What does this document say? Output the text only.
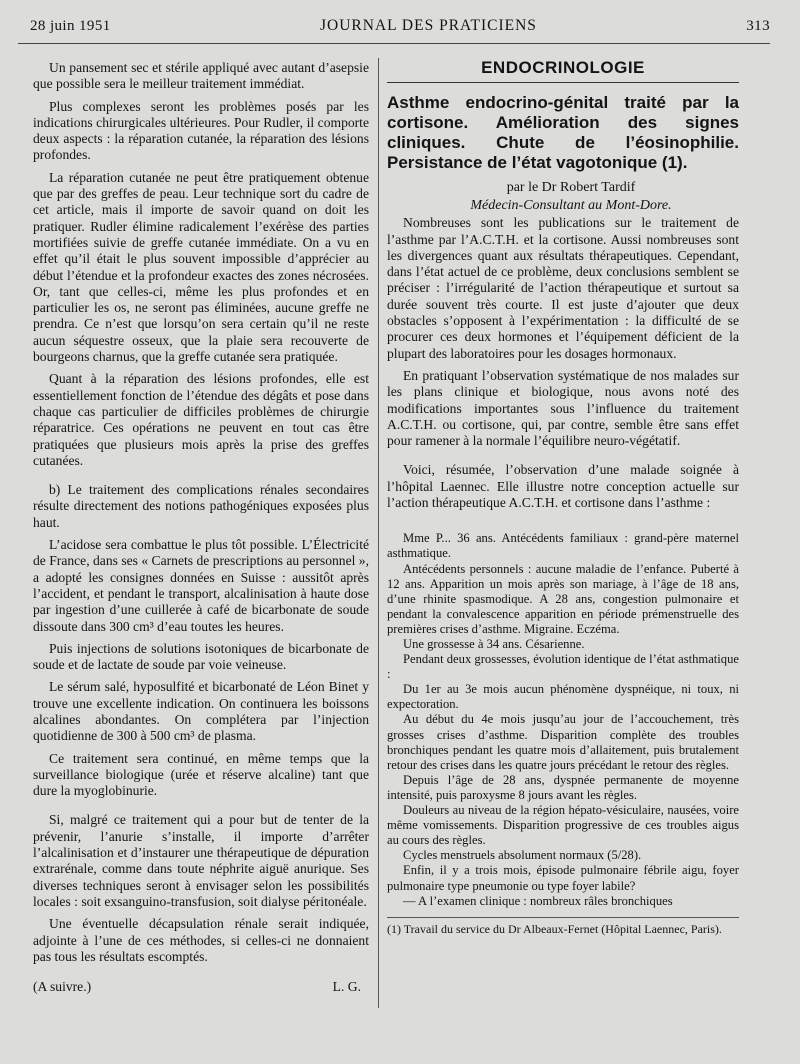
28 juin 1951	JOURNAL DES PRATICIENS	313

Un pansement sec et stérile appliqué avec autant d’asepsie que possible sera le meilleur traitement immédiat.

Plus complexes seront les problèmes posés par les indications chirurgicales ultérieures. Pour Rudler, il comporte deux aspects : la réparation cutanée, la réparation des lésions profondes.

La réparation cutanée ne peut être pratiquement obtenue que par des greffes de peau. Leur technique sort du cadre de cet article, mais il importe de savoir quand on doit les pratiquer. Rudler élimine radicalement l’exérèse des parties mortifiées suivie de greffe cutanée immédiate. On a vu en effet qu’il était le plus souvent impossible d’apprécier au début l’étendue et la profondeur exactes des zones nécrosées. Or, tant que celles-ci, même les plus profondes et en particulier les os, ne seront pas éliminées, aucune greffe ne prendra. Ce n’est que lorsqu’on sera certain qu’il ne reste aucun séquestre osseux, que la plaie sera recouverte de bourgeons charnus, que la greffe cutanée sera pratiquée.

Quant à la réparation des lésions profondes, elle est essentiellement fonction de l’étendue des dégâts et pose dans chaque cas particulier de difficiles problèmes de chirurgie réparatrice. Ces opérations ne peuvent en tout cas être pratiquées que plusieurs mois après la prise des greffes cutanées.

b) Le traitement des complications rénales secondaires résulte directement des notions pathogéniques exposées plus haut.

L’acidose sera combattue le plus tôt possible. L’Électricité de France, dans ses « Carnets de prescriptions au personnel », a adopté les consignes données en Suisse : aussitôt après l’accident, et pendant le transport, alcalinisation à haute dose par ingestion d’une cuillerée à café de bicarbonate de soude dissoute dans 300 cm³ d’eau toutes les heures.

Puis injections de solutions isotoniques de bicarbonate de soude et de lactate de soude par voie veineuse.

Le sérum salé, hyposulfité et bicarbonaté de Léon Binet y trouve une excellente indication. On continuera les boissons alcalines abondantes. On complétera par l’injection quotidienne de 300 à 500 cm³ de plasma.

Ce traitement sera continué, en même temps que la surveillance biologique (urée et réserve alcaline) tant que dure la myoglobinurie.

Si, malgré ce traitement qui a pour but de tenter de la prévenir, l’anurie s’installe, il importe d’arrêter l’alcalinisation et d’instaurer une thérapeutique de dépuration extrarénale, comme dans toute néphrite aiguë anurique. Ses diverses techniques seront à envisager selon les possibilités locales : soit exsanguino-transfusion, soit dialyse péritonéale.

Une éventuelle décapsulation rénale serait indiquée, adjointe à l’une de ces méthodes, si celles-ci ne donnaient pas tous les résultats escomptés.

(A suivre.)	L. G.
ENDOCRINOLOGIE
Asthme endocrino-génital traité par la cortisone. Amélioration des signes cliniques. Chute de l’éosinophilie. Persistance de l’état vagotonique (1).

par le Dr Robert Tardif

Médecin-Consultant au Mont-Dore.

Nombreuses sont les publications sur le traitement de l’asthme par l’A.C.T.H. et la cortisone. Aussi nombreuses sont les divergences quant aux résultats thérapeutiques. Cependant, dans l’état actuel de ce problème, deux conclusions semblent se préciser : l’irrégularité de l’action thérapeutique et surtout sa durée souvent très courte. Il est juste d’ajouter que deux obstacles s’opposent à l’expérimentation : la difficulté de se procurer ces deux hormones et l’équipement déficient de la plupart des laboratoires pour les dosages hormonaux.

En pratiquant l’observation systématique de nos malades sur les plans clinique et biologique, nous avons noté des modifications importantes sous l’influence du traitement A.C.T.H. ou cortisone, qui, par contre, semble être sans effet pour ramener à la normale l’équilibre neuro-végétatif.

Voici, résumée, l’observation d’une malade soignée à l’hôpital Laennec. Elle illustre notre conception actuelle sur l’action thérapeutique A.C.T.H. et cortisone dans l’asthme :

Mme P... 36 ans. Antécédents familiaux : grand-père maternel asthmatique.

Antécédents personnels : aucune maladie de l’enfance. Puberté à 12 ans. Apparition un mois après son mariage, à l’âge de 18 ans, d’une rhinite spasmodique. A 28 ans, congestion pulmonaire et pendant la convalescence apparition en période prémenstruelle des premières crises d’asthme. Migraine. Eczéma.

Une grossesse à 34 ans. Césarienne.

Pendant deux grossesses, évolution identique de l’état asthmatique :

Du 1er au 3e mois aucun phénomène dyspnéique, ni toux, ni expectoration.

Au début du 4e mois jusqu’au jour de l’accouchement, très grosses crises d’asthme. Disparition complète des troubles bronchiques pendant les quatre mois d’allaitement, puis brutalement retour des crises dans les quatre jours précédant le retour des règles.

Depuis l’âge de 28 ans, dyspnée permanente de moyenne intensité, puis paroxysme 8 jours avant les règles.

Douleurs au niveau de la région hépato-vésiculaire, nausées, voire même vomissements. Disparition progressive de ces troubles aigus au cours des règles.

Cycles menstruels absolument normaux (5/28).

Enfin, il y a trois mois, épisode pulmonaire fébrile aigu, foyer pulmonaire type pneumonie ou type foyer labile?

— A l’examen clinique : nombreux râles bronchiques

(1) Travail du service du Dr Albeaux-Fernet (Hôpital Laennec, Paris).
